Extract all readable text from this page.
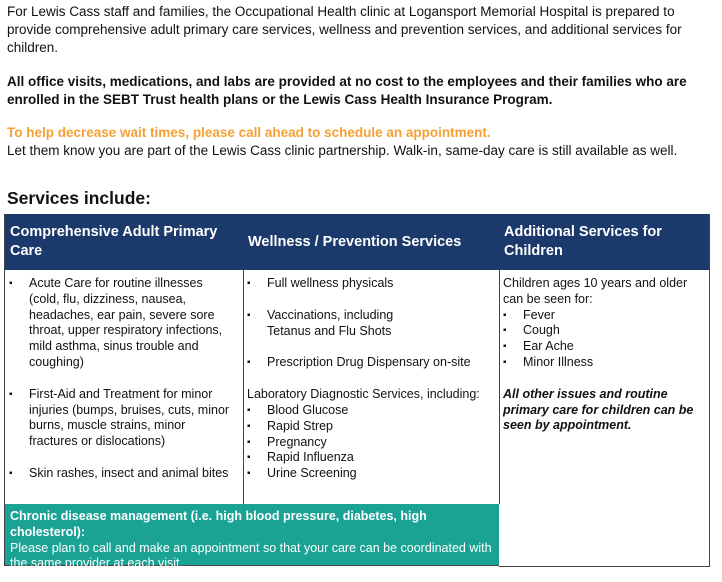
For Lewis Cass staff and families, the Occupational Health clinic at Logansport Memorial Hospital is prepared to provide comprehensive adult primary care services, wellness and prevention services, and additional services for children.
All office visits, medications, and labs are provided at no cost to the employees and their families who are enrolled in the SEBT Trust health plans or the Lewis Cass Health Insurance Program.
To help decrease wait times, please call ahead to schedule an appointment.
Let them know you are part of the Lewis Cass clinic partnership. Walk-in, same-day care is still available as well.
Services include:
Comprehensive Adult Primary Care
▪ Acute Care for routine illnesses (cold, flu, dizziness, nausea, headaches, ear pain, severe sore throat, upper respiratory infections, mild asthma, sinus trouble and coughing)
▪ First-Aid and Treatment for minor injuries (bumps, bruises, cuts, minor burns, muscle strains, minor fractures or dislocations)
▪ Skin rashes, insect and animal bites
Wellness / Prevention Services
▪ Full wellness physicals
▪ Vaccinations, including Tetanus and Flu Shots
▪ Prescription Drug Dispensary on-site
Laboratory Diagnostic Services, including:
▪ Blood Glucose
▪ Rapid Strep
▪ Pregnancy
▪ Rapid Influenza
▪ Urine Screening
Additional Services for Children
Children ages 10 years and older can be seen for:
▪ Fever
▪ Cough
▪ Ear Ache
▪ Minor Illness
All other issues and routine primary care for children can be seen by appointment.
Chronic disease management (i.e. high blood pressure, diabetes, high cholesterol):
Please plan to call and make an appointment so that your care can be coordinated with the same provider at each visit.
